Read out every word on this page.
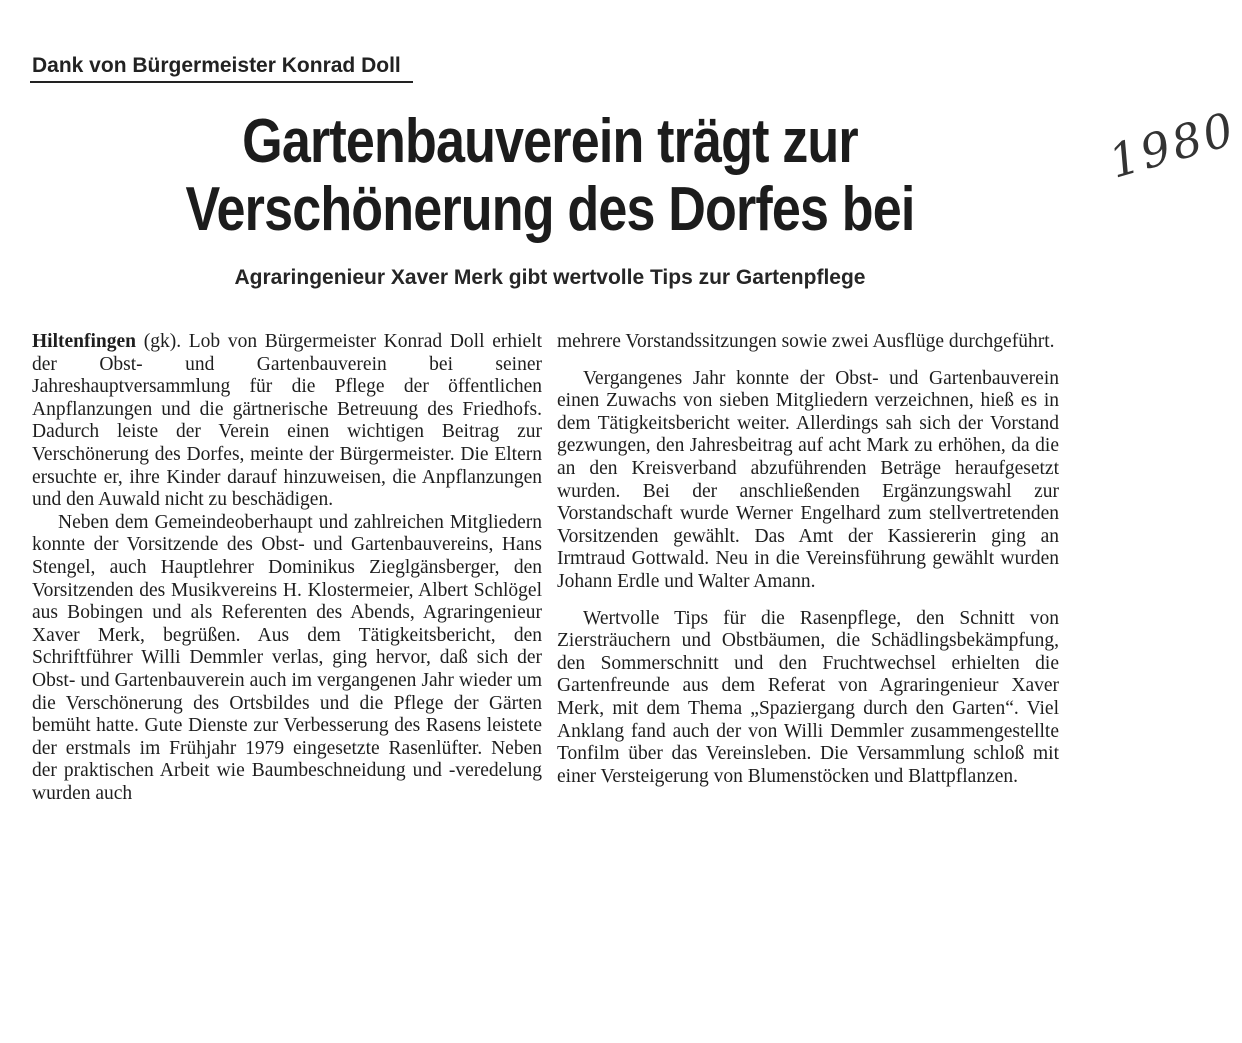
Dank von Bürgermeister Konrad Doll
Gartenbauverein trägt zur
Verschönerung des Dorfes bei
1980
Agraringenieur Xaver Merk gibt wertvolle Tips zur Gartenpflege

Hiltenfingen (gk). Lob von Bürgermeister Konrad Doll erhielt der Obst- und Gartenbauverein bei seiner Jahreshauptversammlung für die Pflege der öffentlichen Anpflanzungen und die gärtnerische Betreuung des Friedhofs. Dadurch leiste der Verein einen wichtigen Beitrag zur Verschönerung des Dorfes, meinte der Bürgermeister. Die Eltern ersuchte er, ihre Kinder darauf hinzuweisen, die Anpflanzungen und den Auwald nicht zu beschädigen.

Neben dem Gemeindeoberhaupt und zahlreichen Mitgliedern konnte der Vorsitzende des Obst- und Gartenbauvereins, Hans Stengel, auch Hauptlehrer Dominikus Zieglgänsberger, den Vorsitzenden des Musikvereins H. Klostermeier, Albert Schlögel aus Bobingen und als Referenten des Abends, Agraringenieur Xaver Merk, begrüßen. Aus dem Tätigkeitsbericht, den Schriftführer Willi Demmler verlas, ging hervor, daß sich der Obst- und Gartenbauverein auch im vergangenen Jahr wieder um die Verschönerung des Ortsbildes und die Pflege der Gärten bemüht hatte. Gute Dienste zur Verbesserung des Rasens leistete der erstmals im Frühjahr 1979 eingesetzte Rasenlüfter. Neben der praktischen Arbeit wie Baumbeschneidung und -veredelung wurden auch

mehrere Vorstandssitzungen sowie zwei Ausflüge durchgeführt.

Vergangenes Jahr konnte der Obst- und Gartenbauverein einen Zuwachs von sieben Mitgliedern verzeichnen, hieß es in dem Tätigkeitsbericht weiter. Allerdings sah sich der Vorstand gezwungen, den Jahresbeitrag auf acht Mark zu erhöhen, da die an den Kreisverband abzuführenden Beträge heraufgesetzt wurden. Bei der anschließenden Ergänzungswahl zur Vorstandschaft wurde Werner Engelhard zum stellvertretenden Vorsitzenden gewählt. Das Amt der Kassiererin ging an Irmtraud Gottwald. Neu in die Vereinsführung gewählt wurden Johann Erdle und Walter Amann.

Wertvolle Tips für die Rasenpflege, den Schnitt von Ziersträuchern und Obstbäumen, die Schädlingsbekämpfung, den Sommerschnitt und den Fruchtwechsel erhielten die Gartenfreunde aus dem Referat von Agraringenieur Xaver Merk, mit dem Thema „Spaziergang durch den Garten“. Viel Anklang fand auch der von Willi Demmler zusammengestellte Tonfilm über das Vereinsleben. Die Versammlung schloß mit einer Versteigerung von Blumenstöcken und Blattpflanzen.
